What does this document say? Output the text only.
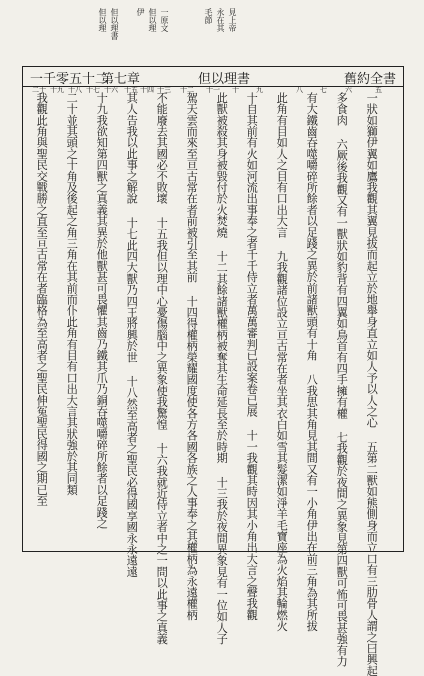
見上帝
永在其
毛節
一原文
但以理
伊
但以理書
但以理
舊約全書
但以理書
第七章
一千零五十二
五
六
七
八
九
十
十一
十二
十三
十四
十五
十六
十七
十八
十九
二十
一狀如獅伊翼如鷹我觀其翼見拔而起立於地舉身直立如人予以人之心 五第二獸如熊側身而立口有三肋骨人謂之曰興起
多食肉 六厥後我觀又有一獸狀如豹背有四翼如鳥首有四手擁有權 七我觀於夜間之異象見第四獸可怖可畏甚強有力
有大鐵齒吞噬嚼碎所餘者以足踐之異於前諸獸頭有十角 八我思其角見其間又有一小角伊出在前三角為其所拔
此角有目如人之目有口出大言 九我觀諸位設立亘古常在者坐其衣白如雪其髮潔如淨羊毛寶座為火焰其輪燃火
十自其前有火如河流出事奉之者千千侍立者萬萬審判已設案卷已展 十一我觀其時因其小角出大言之聲我觀
此獸被殺其身被毀付於火焚燒 十二其餘諸獸權柄被奪其生命延長至於時期 十三我於夜間異象見有一位如人子
駕天雲而來至亘古常在者前被引至其前 十四得權柄榮耀國度使各方各國各族之人事奉之其權柄為永遠權柄
不能廢去其國必不敗壞 十五我但以理中心憂傷腦中之異象使我驚惶 十六我就近侍立者中之一問以此事之真義
其人告我以此事之解說 十七此四大獸乃四王將興於世 十八然至高者之聖民必得國享國永永遠遠
十九我欲知第四獸之真義其異於他獸甚可畏懼其齒乃鐵其爪乃銅吞噬嚼碎所餘者以足踐之
二十並其頭之十角及後起之角三角在其前而仆此角有目有口出大言其狀強於其同類
我觀此角與聖民交戰勝之直至亘古常在者臨格為至高者之聖民伸冤聖民得國之期已至
